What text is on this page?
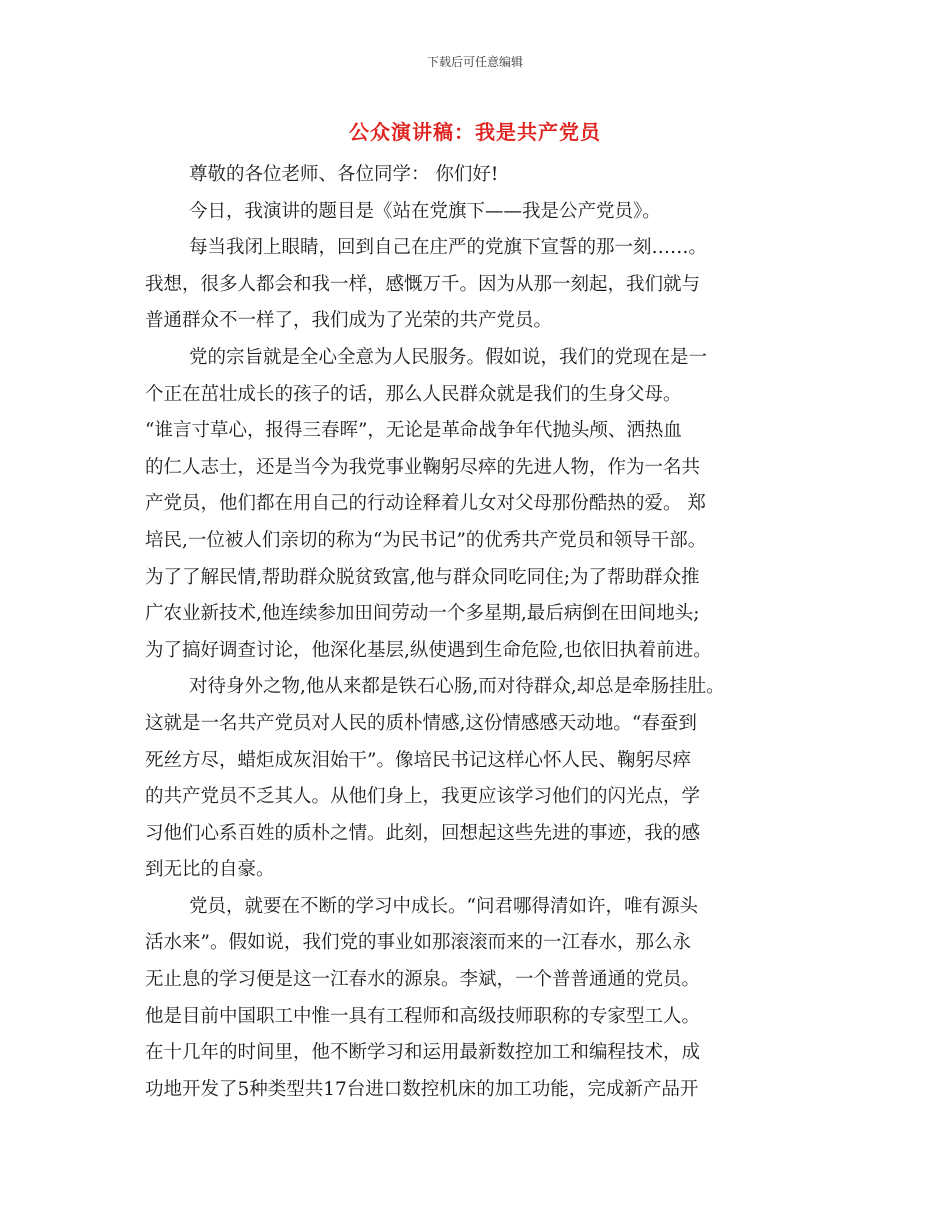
下载后可任意编辑
公众演讲稿：我是共产党员
尊敬的各位老师、各位同学： 你们好!
今日，我演讲的题目是《站在党旗下——我是公产党员》。
每当我闭上眼睛，回到自己在庄严的党旗下宣誓的那一刻……。
我想，很多人都会和我一样，感慨万千。因为从那一刻起，我们就与
普通群众不一样了，我们成为了光荣的共产党员。
党的宗旨就是全心全意为人民服务。假如说，我们的党现在是一
个正在茁壮成长的孩子的话，那么人民群众就是我们的生身父母。
“谁言寸草心，报得三春晖”，无论是革命战争年代抛头颅、洒热血
的仁人志士，还是当今为我党事业鞠躬尽瘁的先进人物，作为一名共
产党员，他们都在用自己的行动诠释着儿女对父母那份酷热的爱。 郑
培民,一位被人们亲切的称为“为民书记”的优秀共产党员和领导干部。
为了了解民情,帮助群众脱贫致富,他与群众同吃同住;为了帮助群众推
广农业新技术,他连续参加田间劳动一个多星期,最后病倒在田间地头;
为了搞好调查讨论，他深化基层,纵使遇到生命危险,也依旧执着前进。
对待身外之物,他从来都是铁石心肠,而对待群众,却总是牵肠挂肚。
这就是一名共产党员对人民的质朴情感,这份情感感天动地。“春蚕到
死丝方尽，蜡炬成灰泪始干”。像培民书记这样心怀人民、鞠躬尽瘁
的共产党员不乏其人。从他们身上，我更应该学习他们的闪光点，学
习他们心系百姓的质朴之情。此刻，回想起这些先进的事迹，我的感
到无比的自豪。
党员，就要在不断的学习中成长。“问君哪得清如许，唯有源头
活水来”。假如说，我们党的事业如那滚滚而来的一江春水，那么永
无止息的学习便是这一江春水的源泉。李斌，一个普普通通的党员。
他是目前中国职工中惟一具有工程师和高级技师职称的专家型工人。
在十几年的时间里，他不断学习和运用最新数控加工和编程技术，成
功地开发了5种类型共17台进口数控机床的加工功能，完成新产品开
